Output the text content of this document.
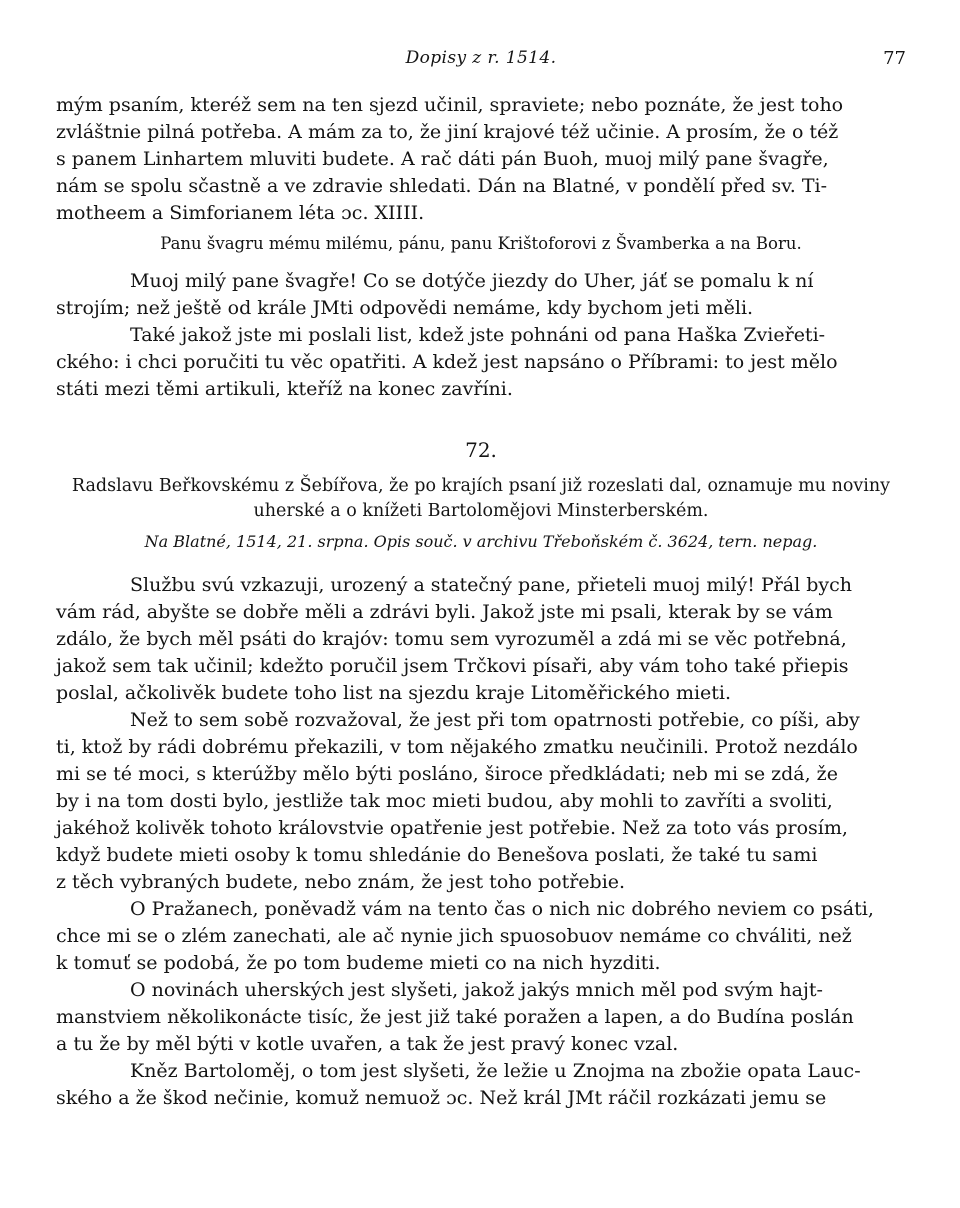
Dopisy z r. 1514.	77
mým psaním, kteréž sem na ten sjezd učinil, spraviete; nebo poznáte, že jest toho
zvláštnie pilná potřeba. A mám za to, že jiní krajové též učinie. A prosím, že o též
s panem Linhartem mluviti budete. A rač dáti pán Buoh, muoj milý pane švagře,
nám se spolu sčastně a ve zdravie shledati. Dán na Blatné, v pondělí před sv. Ti-
motheem a Simforianem léta ɔc. XIIII.
Panu švagru mému milému, pánu, panu Krištoforovi z Švamberka a na Boru.
Muoj milý pane švagře! Co se dotýče jiezdy do Uher, jáť se pomalu k ní
strojím; než ještě od krále JMti odpovědi nemáme, kdy bychom jeti měli.
Také jakož jste mi poslali list, kdež jste pohnáni od pana Haška Zvieřeti-
ckého: i chci poručiti tu věc opatřiti. A kdež jest napsáno o Příbrami: to jest mělo
státi mezi těmi artikuli, kteříž na konec zavříni.
72.
Radslavu Beřkovskému z Šebířova, že po krajích psaní již rozeslati dal, oznamuje mu noviny
uherské a o knížeti Bartolomějovi Minsterberském.
Na Blatné, 1514, 21. srpna. Opis souč. v archivu Třeboňském č. 3624, tern. nepag.
Službu svú vzkazuji, urozený a statečný pane, přieteli muoj milý! Přál bych
vám rád, abyšte se dobře měli a zdrávi byli. Jakož jste mi psali, kterak by se vám
zdálo, že bych měl psáti do krajóv: tomu sem vyrozuměl a zdá mi se věc potřebná,
jakož sem tak učinil; kdežto poručil jsem Trčkovi písaři, aby vám toho také přiepis
poslal, ačkolivěk budete toho list na sjezdu kraje Litoměřického mieti.
Než to sem sobě rozvažoval, že jest při tom opatrnosti potřebie, co píši, aby
ti, ktož by rádi dobrému překazili, v tom nějakého zmatku neučinili. Protož nezdálo
mi se té moci, s kterúžby mělo býti posláno, široce předkládati; neb mi se zdá, že
by i na tom dosti bylo, jestliže tak moc mieti budou, aby mohli to zavříti a svoliti,
jakéhož kolivěk tohoto královstvie opatřenie jest potřebie. Než za toto vás prosím,
když budete mieti osoby k tomu shledánie do Benešova poslati, že také tu sami
z těch vybraných budete, nebo znám, že jest toho potřebie.
O Pražanech, poněvadž vám na tento čas o nich nic dobrého neviem co psáti,
chce mi se o zlém zanechati, ale ač nynie jich spuosobuov nemáme co chváliti, než
k tomuť se podobá, že po tom budeme mieti co na nich hyzditi.
O novinách uherských jest slyšeti, jakož jakýs mnich měl pod svým hajt-
manstviem několikonácte tisíc, že jest již také poražen a lapen, a do Budína poslán
a tu že by měl býti v kotle uvařen, a tak že jest pravý konec vzal.
Kněz Bartoloměj, o tom jest slyšeti, že ležie u Znojma na zbožie opata Lauc-
ského a že škod nečinie, komuž nemuož ɔc. Než král JMt ráčil rozkázati jemu se
